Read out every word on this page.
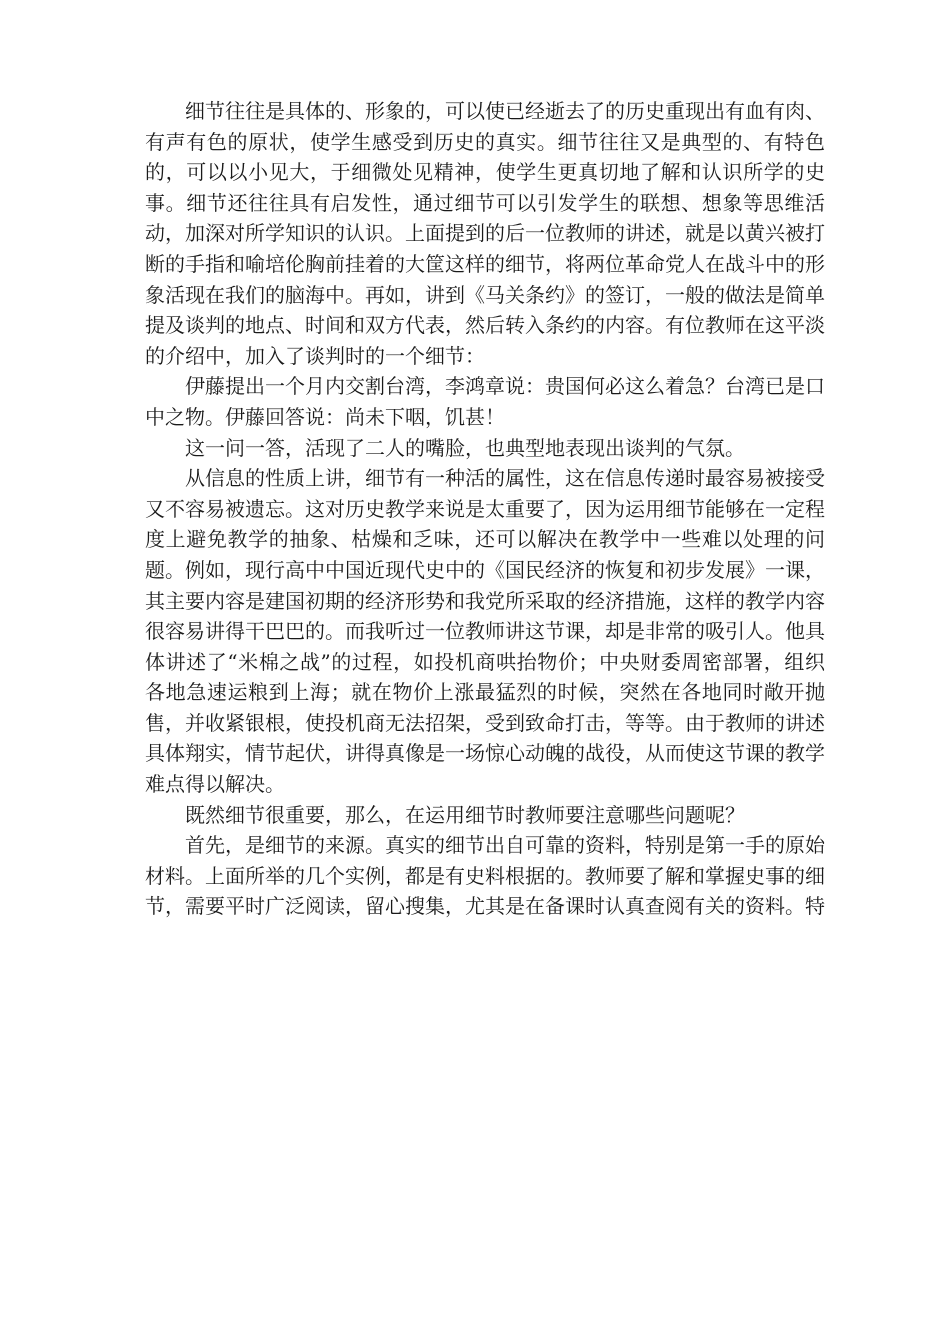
细节往往是具体的、形象的，可以使已经逝去了的历史重现出有血有肉、有声有色的原状，使学生感受到历史的真实。细节往往又是典型的、有特色的，可以以小见大，于细微处见精神，使学生更真切地了解和认识所学的史事。细节还往往具有启发性，通过细节可以引发学生的联想、想象等思维活动，加深对所学知识的认识。上面提到的后一位教师的讲述，就是以黄兴被打断的手指和喻培伦胸前挂着的大筐这样的细节，将两位革命党人在战斗中的形象活现在我们的脑海中。再如，讲到《马关条约》的签订，一般的做法是简单提及谈判的地点、时间和双方代表，然后转入条约的内容。有位教师在这平淡的介绍中，加入了谈判时的一个细节：

伊藤提出一个月内交割台湾，李鸿章说：贵国何必这么着急？台湾已是口中之物。伊藤回答说：尚未下咽，饥甚！

这一问一答，活现了二人的嘴脸，也典型地表现出谈判的气氛。

从信息的性质上讲，细节有一种活的属性，这在信息传递时最容易被接受又不容易被遗忘。这对历史教学来说是太重要了，因为运用细节能够在一定程度上避免教学的抽象、枯燥和乏味，还可以解决在教学中一些难以处理的问题。例如，现行高中中国近现代史中的《国民经济的恢复和初步发展》一课，其主要内容是建国初期的经济形势和我党所采取的经济措施，这样的教学内容很容易讲得干巴巴的。而我听过一位教师讲这节课，却是非常的吸引人。他具体讲述了“米棉之战”的过程，如投机商哄抬物价；中央财委周密部署，组织各地急速运粮到上海；就在物价上涨最猛烈的时候，突然在各地同时敞开抛售，并收紧银根，使投机商无法招架，受到致命打击，等等。由于教师的讲述具体翔实，情节起伏，讲得真像是一场惊心动魄的战役，从而使这节课的教学难点得以解决。

既然细节很重要，那么，在运用细节时教师要注意哪些问题呢？

首先，是细节的来源。真实的细节出自可靠的资料，特别是第一手的原始材料。上面所举的几个实例，都是有史料根据的。教师要了解和掌握史事的细节，需要平时广泛阅读，留心搜集，尤其是在备课时认真查阅有关的资料。特
